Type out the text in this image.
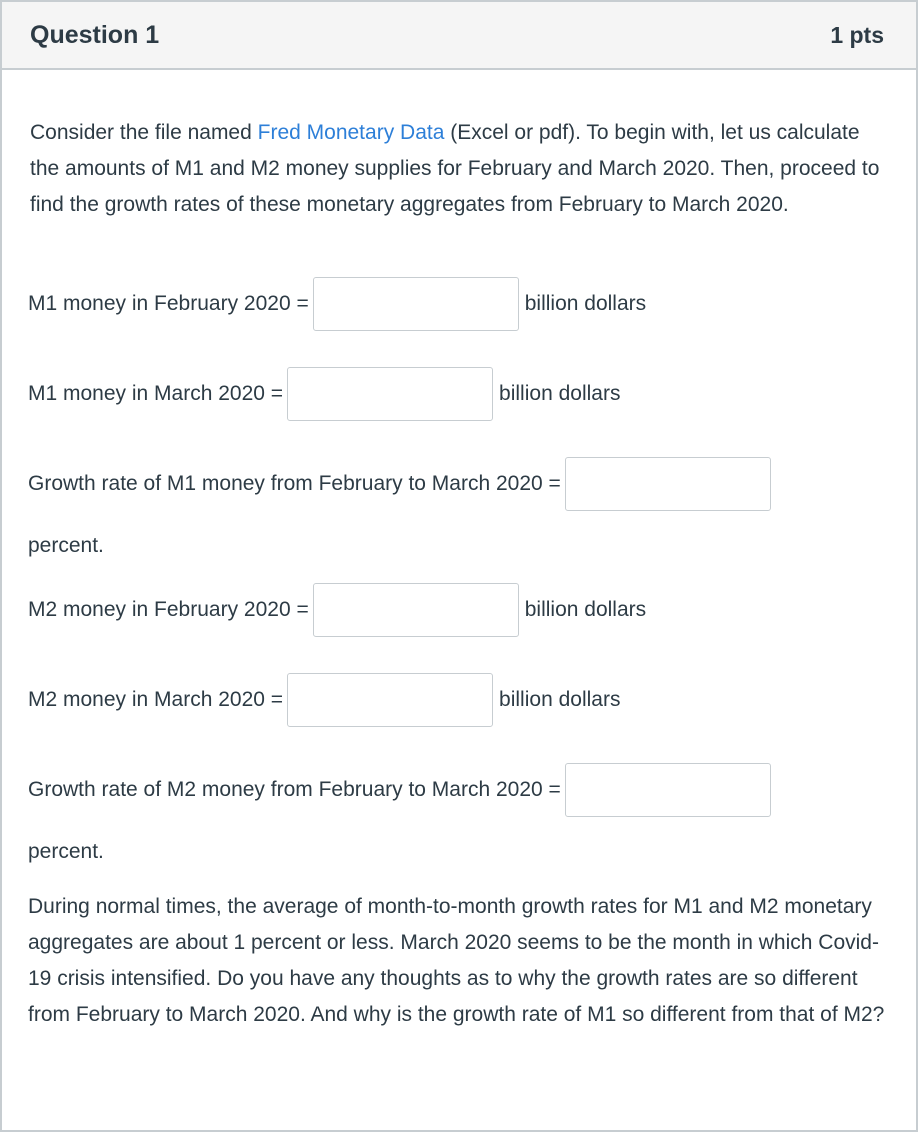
Question 1	1 pts

Consider the file named Fred Monetary Data (Excel or pdf). To begin with, let us calculate the amounts of M1 and M2 money supplies for February and March 2020. Then, proceed to find the growth rates of these monetary aggregates from February to March 2020.

M1 money in February 2020 =	billion dollars
M1 money in March 2020 =	billion dollars
Growth rate of M1 money from February to March 2020 =
percent.
M2 money in February 2020 =	billion dollars
M2 money in March 2020 =	billion dollars
Growth rate of M2 money from February to March 2020 =
percent.
During normal times, the average of month-to-month growth rates for M1 and M2 monetary aggregates are about 1 percent or less. March 2020 seems to be the month in which Covid-19 crisis intensified. Do you have any thoughts as to why the growth rates are so different from February to March 2020. And why is the growth rate of M1 so different from that of M2?
